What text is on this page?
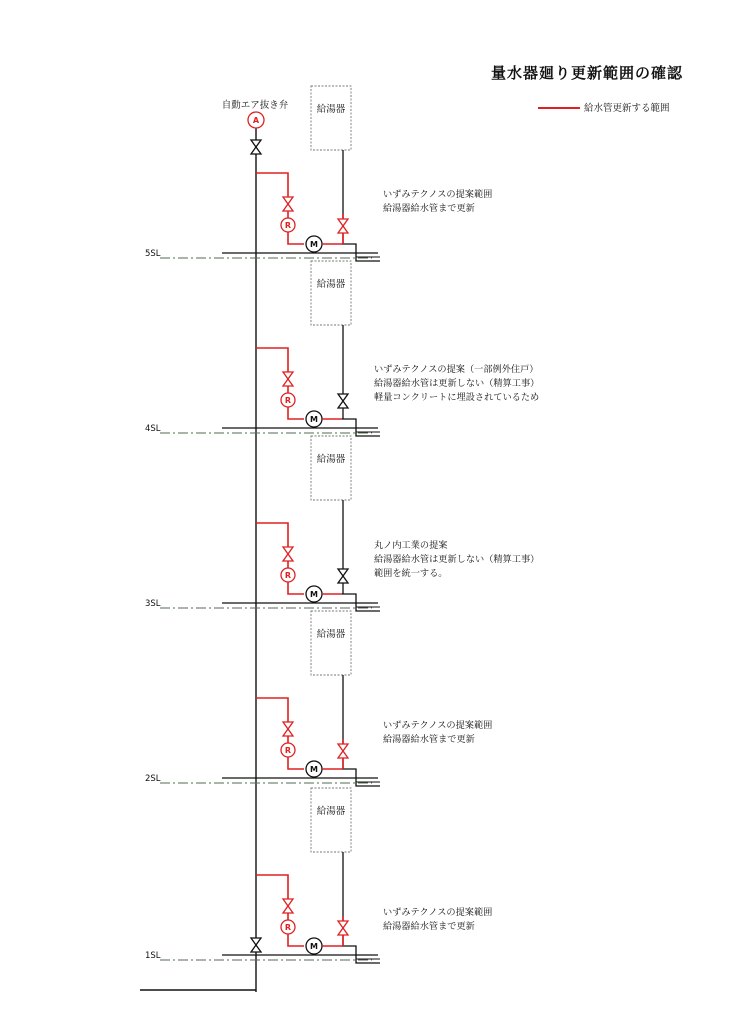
量水器廻り更新範囲の確認
給水管更新する範囲
自動エア抜き弁
A
5SL
R
M
給湯器
いずみテクノスの提案範囲
給湯器給水管まで更新
4SL
R
M
給湯器
いずみテクノスの提案（一部例外住戸）
給湯器給水管は更新しない（精算工事）
軽量コンクリートに埋設されているため
3SL
R
M
給湯器
丸ノ内工業の提案
給湯器給水管は更新しない（精算工事）
範囲を統一する。
2SL
R
M
給湯器
いずみテクノスの提案範囲
給湯器給水管まで更新
1SL
R
M
給湯器
いずみテクノスの提案範囲
給湯器給水管まで更新
